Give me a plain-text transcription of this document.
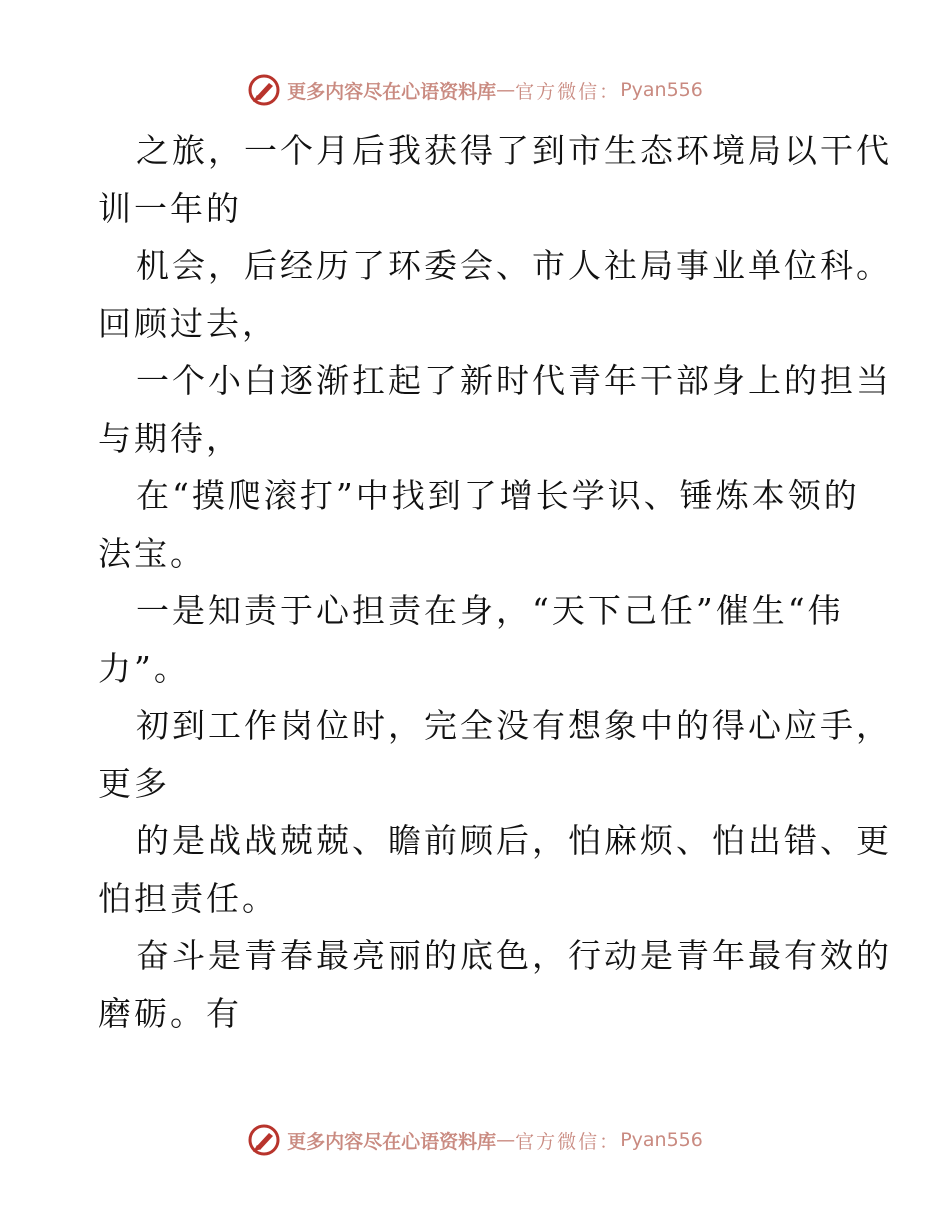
更多内容尽在心语资料库 — 官方微信： Pyan556
之旅，一个月后我获得了到市生态环境局以干代
训一年的
机会，后经历了环委会、市人社局事业单位科。
回顾过去，
一个小白逐渐扛起了新时代青年干部身上的担当
与期待，
在“摸爬滚打”中找到了增长学识、锤炼本领的
法宝。
一是知责于心担责在身，“天下己任”催生“伟
力”。
初到工作岗位时，完全没有想象中的得心应手，
更多
的是战战兢兢、瞻前顾后，怕麻烦、怕出错、更
怕担责任。
奋斗是青春最亮丽的底色，行动是青年最有效的
磨砺。有
更多内容尽在心语资料库 — 官方微信： Pyan556
